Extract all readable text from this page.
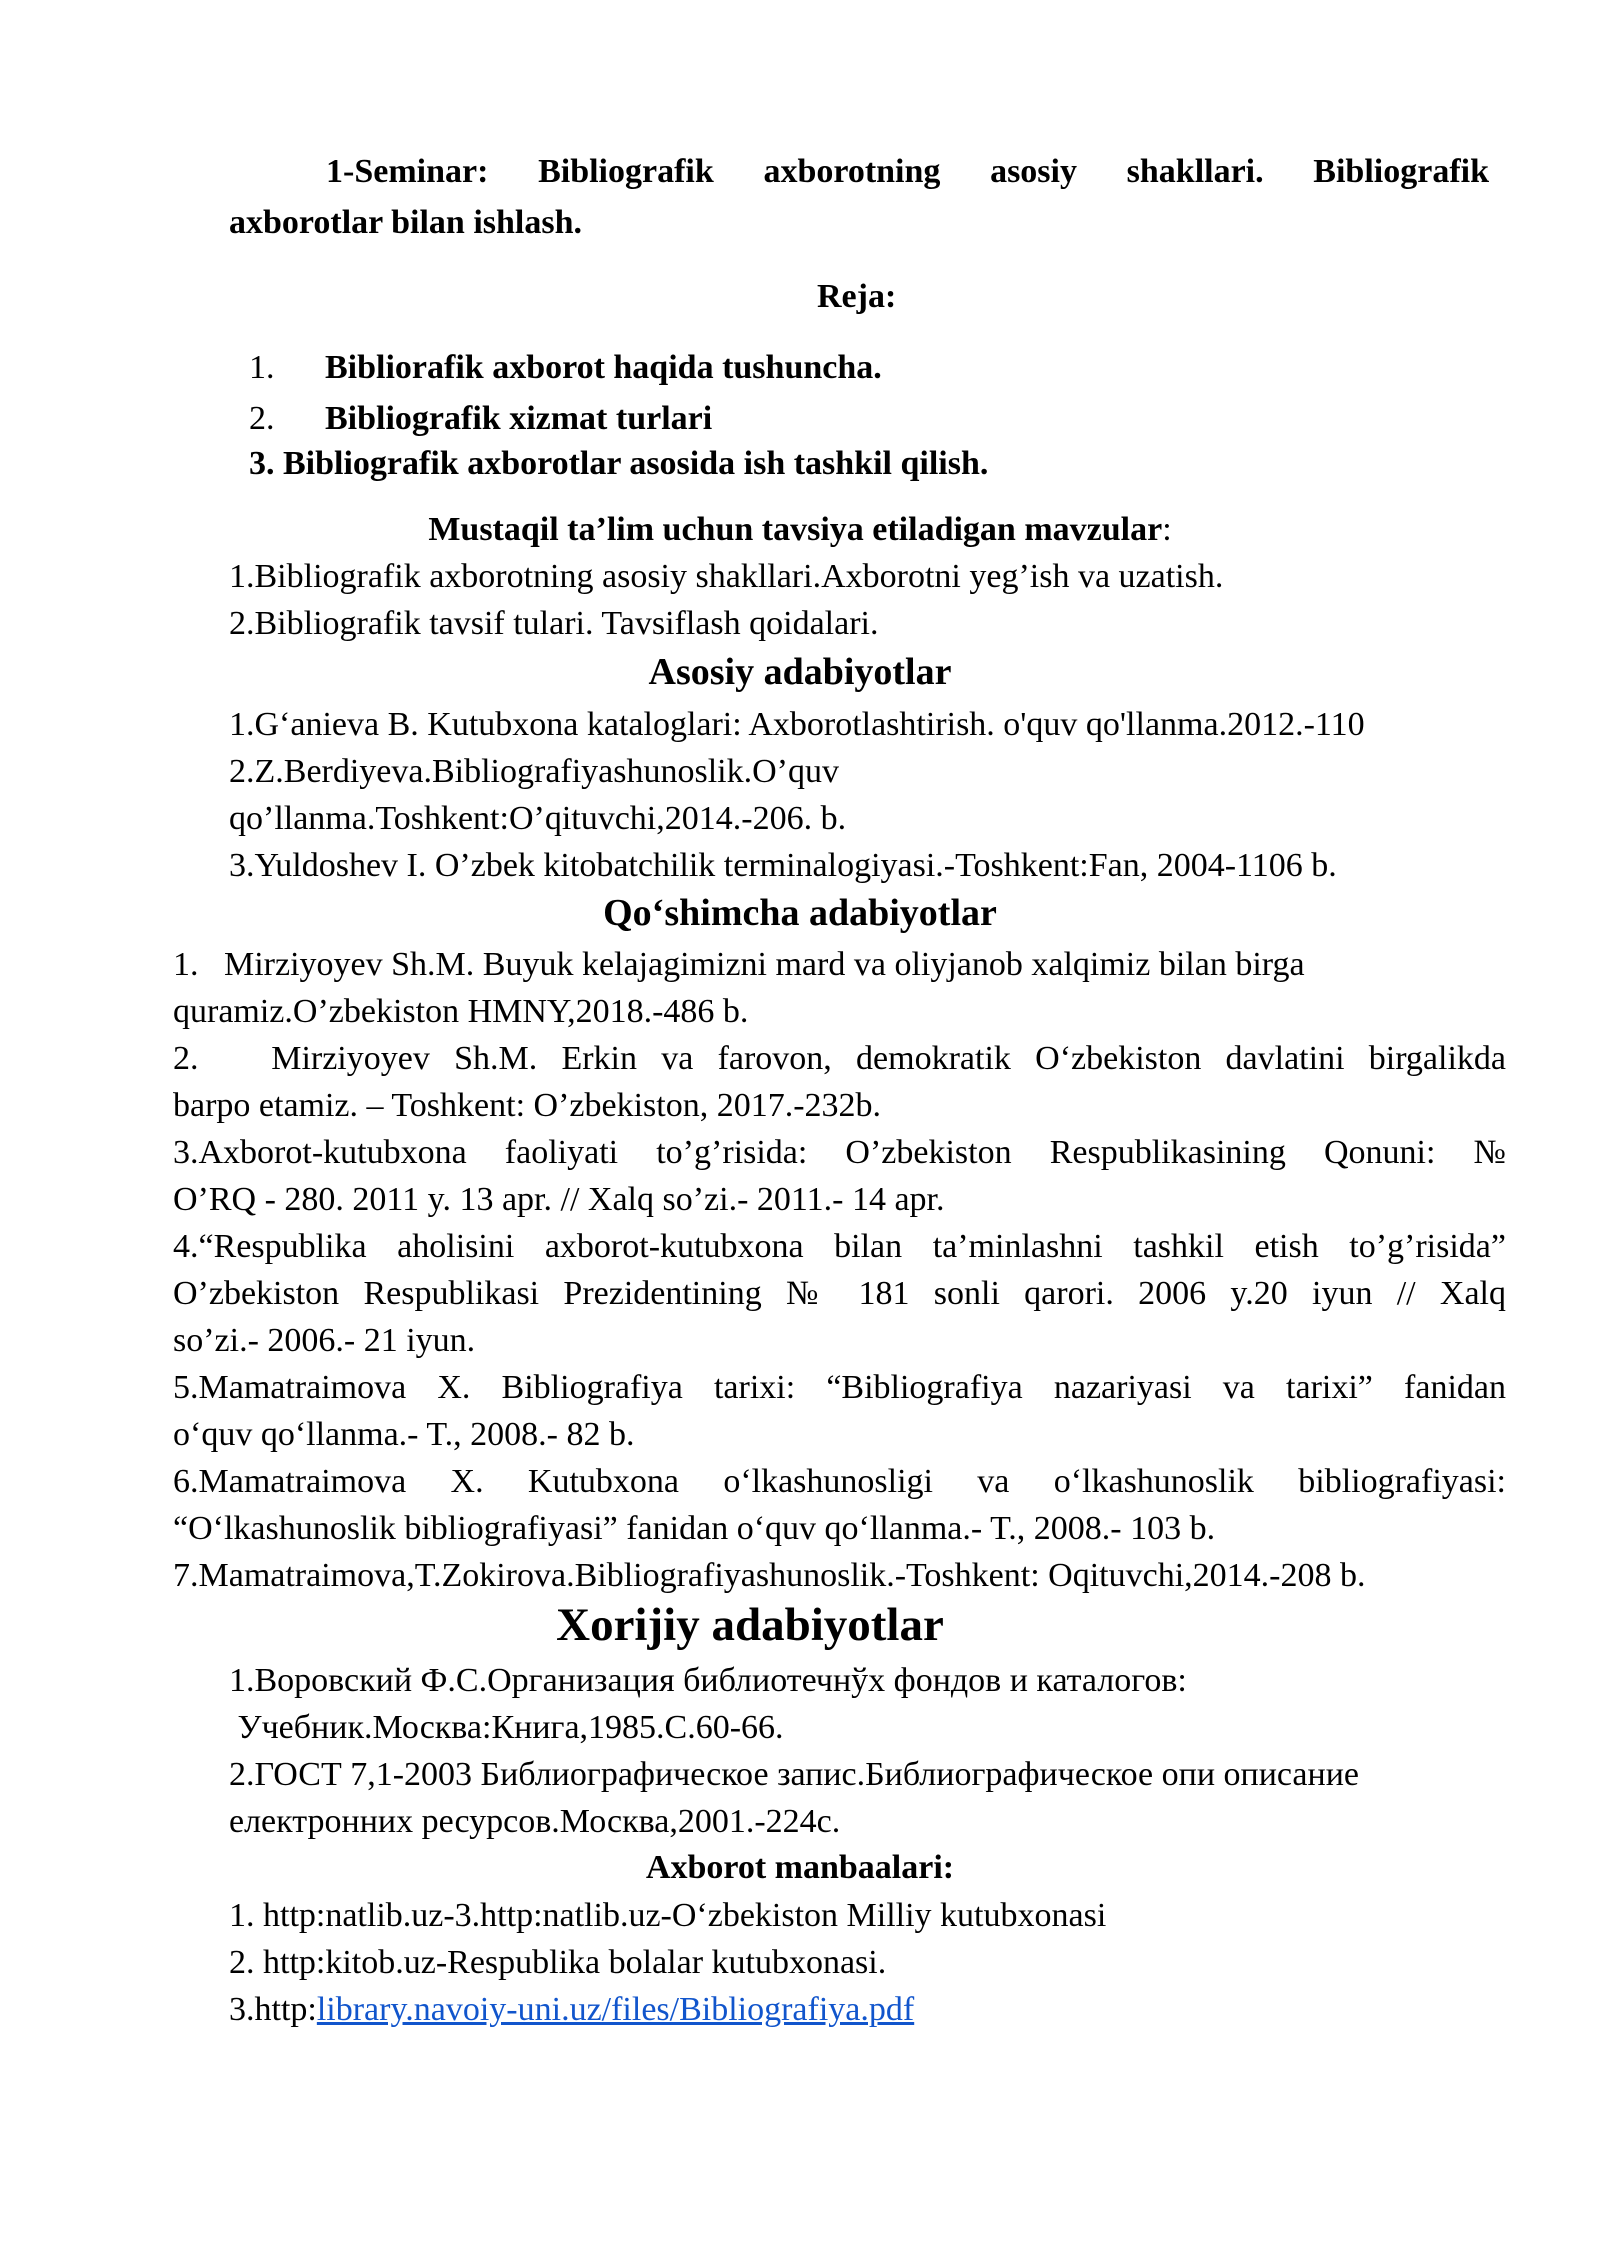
1-Seminar: Bibliografik axborotning asosiy shakllari. Bibliografik
axborotlar bilan ishlash.
Reja:
1. Bibliorafik axborot haqida tushuncha.
2. Bibliografik xizmat turlari
3. Bibliografik axborotlar asosida ish tashkil qilish.
Mustaqil ta’lim uchun tavsiya etiladigan mavzular:
1.Bibliografik axborotning asosiy shakllari.Axborotni yeg’ish va uzatish.
2.Bibliografik tavsif tulari. Tavsiflash qoidalari.
Asosiy adabiyotlar
1.G‘anieva B. Kutubxona kataloglari: Axborotlashtirish. o'quv qo'llanma.2012.-110
2.Z.Berdiyeva.Bibliografiyashunoslik.O’quv
qo’llanma.Toshkent:O’qituvchi,2014.-206. b.
3.Yuldoshev I. O’zbek kitobatchilik terminalogiyasi.-Toshkent:Fan, 2004-1106 b.
Qo‘shimcha adabiyotlar
1.   Mirziyoyev Sh.M. Buyuk kelajagimizni mard va oliyjanob xalqimiz bilan birga
quramiz.O’zbekiston HMNY,2018.-486 b.
2.   Mirziyoyev Sh.M. Erkin va farovon, demokratik O‘zbekiston davlatini birgalikda
barpo etamiz. – Toshkent: O’zbekiston, 2017.-232b.
3.Axborot-kutubxona faoliyati to’g’risida: O’zbekiston Respublikasining Qonuni: №
O’RQ - 280. 2011 y. 13 apr. // Xalq so’zi.- 2011.- 14 apr.
4.“Respublika aholisini axborot-kutubxona bilan ta’minlashni tashkil etish to’g’risida”
O’zbekiston Respublikasi Prezidentining № 181 sonli qarori. 2006 y.20 iyun // Xalq
so’zi.- 2006.- 21 iyun.
5.Mamatraimova X. Bibliografiya tarixi: “Bibliografiya nazariyasi va tarixi” fanidan
o‘quv qo‘llanma.- T., 2008.- 82 b.
6.Mamatraimova X. Kutubxona o‘lkashunosligi va o‘lkashunoslik bibliografiyasi:
“O‘lkashunoslik bibliografiyasi” fanidan o‘quv qo‘llanma.- T., 2008.- 103 b.
7.Mamatraimova,T.Zokirova.Bibliografiyashunoslik.-Toshkent: Oqituvchi,2014.-208 b.
Xorijiy adabiyotlar
1.Воровский Ф.С.Организация библиотечнўх фондов и каталогов:
Учебник.Москва:Книга,1985.С.60-66.
2.ГОСТ 7,1-2003 Библиографическое запис.Библиографическое опи описание
електронних ресурсов.Москва,2001.-224с.
Axborot manbaalari:
1. http:natlib.uz-3.http:natlib.uz-O‘zbekiston Milliy kutubxonasi
2. http:kitob.uz-Respublika bolalar kutubxonasi.
3.http:library.navoiy-uni.uz/files/Bibliografiya.pdf
